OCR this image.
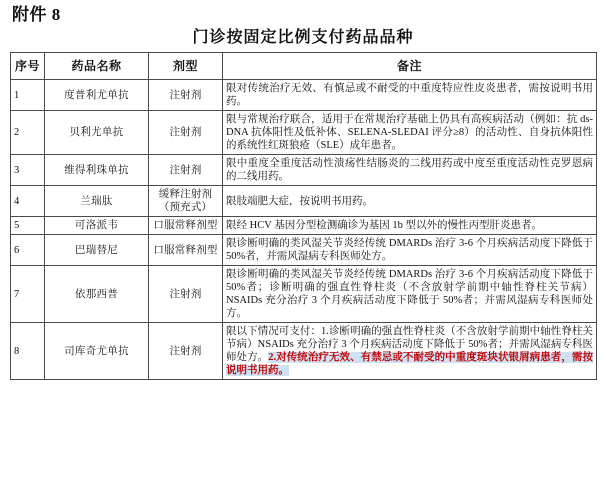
附件 8
门诊按固定比例支付药品品种
序号	药品名称	剂型	备注
1	度普利尤单抗	注射剂	限对传统治疗无效、有慎忌或不耐受的中重度特应性皮炎患者，需按说明书用药。
2	贝利尤单抗	注射剂	限与常规治疗联合，适用于在常规治疗基础上仍具有高疾病活动（例如：抗 ds-DNA 抗体阳性及低补体、SELENA-SLEDAI 评分≥8）的活动性、自身抗体阳性的系统性红斑狼疮（SLE）成年患者。
3	维得利珠单抗	注射剂	限中重度全重度活动性溃疡性结肠炎的二线用药或中度至重度活动性克罗恩病的二线用药。
4	兰瑞肽	缓释注射剂（预充式）	限肢端肥大症，按说明书用药。
5	可洛派韦	口服常释剂型	限经 HCV 基因分型检测确诊为基因 1b 型以外的慢性丙型肝炎患者。
6	巴瑞替尼	口服常释剂型	限诊断明确的类风湿关节炎经传统 DMARDs 治疗 3-6 个月疾病活动度下降低于 50%者，并需风湿病专科医师处方。
7	依那西普	注射剂	限诊断明确的类风湿关节炎经传统 DMARDs 治疗 3-6 个月疾病活动度下降低于 50%者；诊断明确的强直性脊柱炎（不含放射学前期中轴性脊柱关节病）NSAIDs 充分治疗 3 个月疾病活动度下降低于 50%者；并需风湿病专科医师处方。
8	司库奇尤单抗	注射剂	限以下情况可支付：1.诊断明确的强直性脊柱炎（不含放射学前期中轴性脊柱关节病）NSAIDs 充分治疗 3 个月疾病活动度下降低于 50%者；并需风湿病专科医师处方。2.对传统治疗无效、有禁忌或不耐受的中重度斑块状银屑病患者，需按说明书用药。
